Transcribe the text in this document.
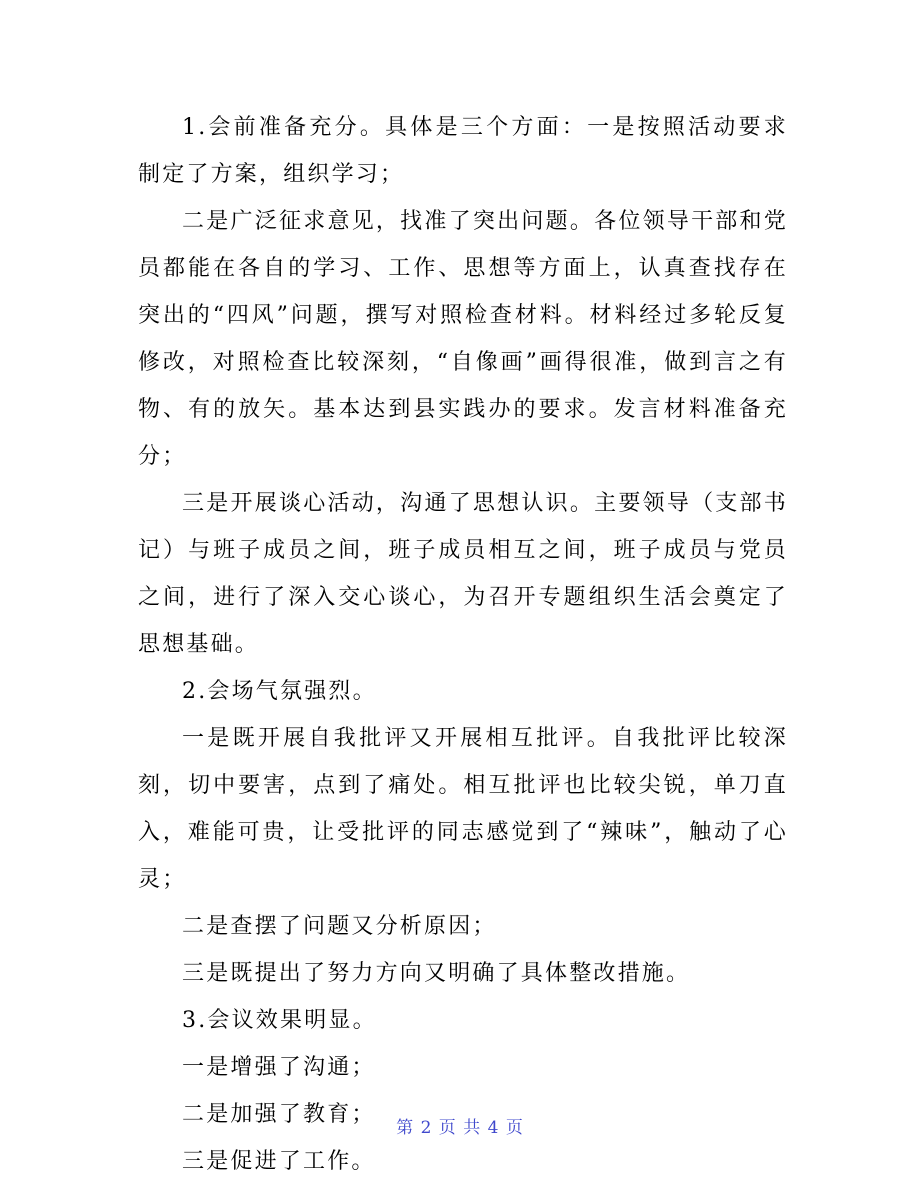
1.会前准备充分。具体是三个方面：一是按照活动要求制定了方案，组织学习；

二是广泛征求意见，找准了突出问题。各位领导干部和党员都能在各自的学习、工作、思想等方面上，认真查找存在突出的“四风”问题，撰写对照检查材料。材料经过多轮反复修改，对照检查比较深刻，“自像画”画得很准，做到言之有物、有的放矢。基本达到县实践办的要求。发言材料准备充分；

三是开展谈心活动，沟通了思想认识。主要领导（支部书记）与班子成员之间，班子成员相互之间，班子成员与党员之间，进行了深入交心谈心，为召开专题组织生活会奠定了思想基础。

2.会场气氛强烈。

一是既开展自我批评又开展相互批评。自我批评比较深刻，切中要害，点到了痛处。相互批评也比较尖锐，单刀直入，难能可贵，让受批评的同志感觉到了“辣味”，触动了心灵；

二是查摆了问题又分析原因；

三是既提出了努力方向又明确了具体整改措施。

3.会议效果明显。

一是增强了沟通；

二是加强了教育；

三是促进了工作。

第 2 页 共 4 页
